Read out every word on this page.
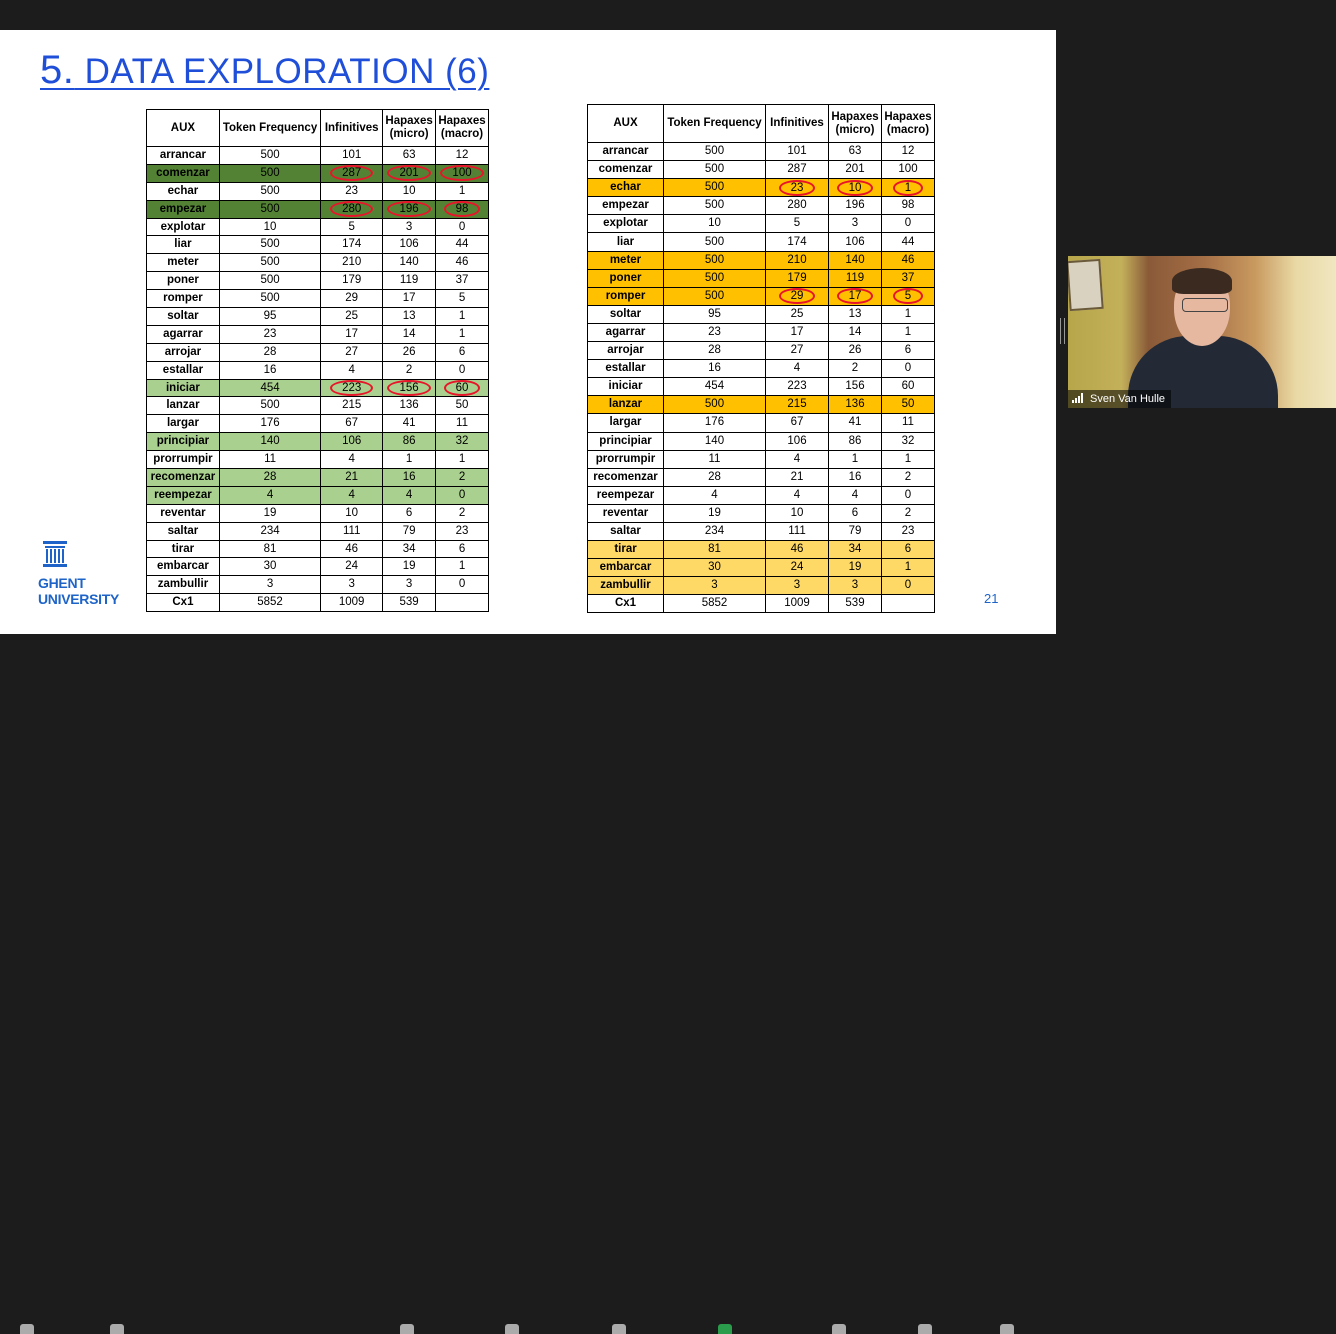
5. DATA EXPLORATION (6)
AUX	Token Frequency	Infinitives	Hapaxes (micro)	Hapaxes (macro)
arrancar	500	101	63	12
comenzar	500	287	201	100
echar	500	23	10	1
empezar	500	280	196	98
explotar	10	5	3	0
liar	500	174	106	44
meter	500	210	140	46
poner	500	179	119	37
romper	500	29	17	5
soltar	95	25	13	1
agarrar	23	17	14	1
arrojar	28	27	26	6
estallar	16	4	2	0
iniciar	454	223	156	60
lanzar	500	215	136	50
largar	176	67	41	11
principiar	140	106	86	32
prorrumpir	11	4	1	1
recomenzar	28	21	16	2
reempezar	4	4	4	0
reventar	19	10	6	2
saltar	234	111	79	23
tirar	81	46	34	6
embarcar	30	24	19	1
zambullir	3	3	3	0
Cx1	5852	1009	539	
AUX	Token Frequency	Infinitives	Hapaxes (micro)	Hapaxes (macro)
arrancar	500	101	63	12
comenzar	500	287	201	100
echar	500	23	10	1
empezar	500	280	196	98
explotar	10	5	3	0
liar	500	174	106	44
meter	500	210	140	46
poner	500	179	119	37
romper	500	29	17	5
soltar	95	25	13	1
agarrar	23	17	14	1
arrojar	28	27	26	6
estallar	16	4	2	0
iniciar	454	223	156	60
lanzar	500	215	136	50
largar	176	67	41	11
principiar	140	106	86	32
prorrumpir	11	4	1	1
recomenzar	28	21	16	2
reempezar	4	4	4	0
reventar	19	10	6	2
saltar	234	111	79	23
tirar	81	46	34	6
embarcar	30	24	19	1
zambullir	3	3	3	0
Cx1	5852	1009	539	
GHENT
UNIVERSITY	21
Sven Van Hulle
